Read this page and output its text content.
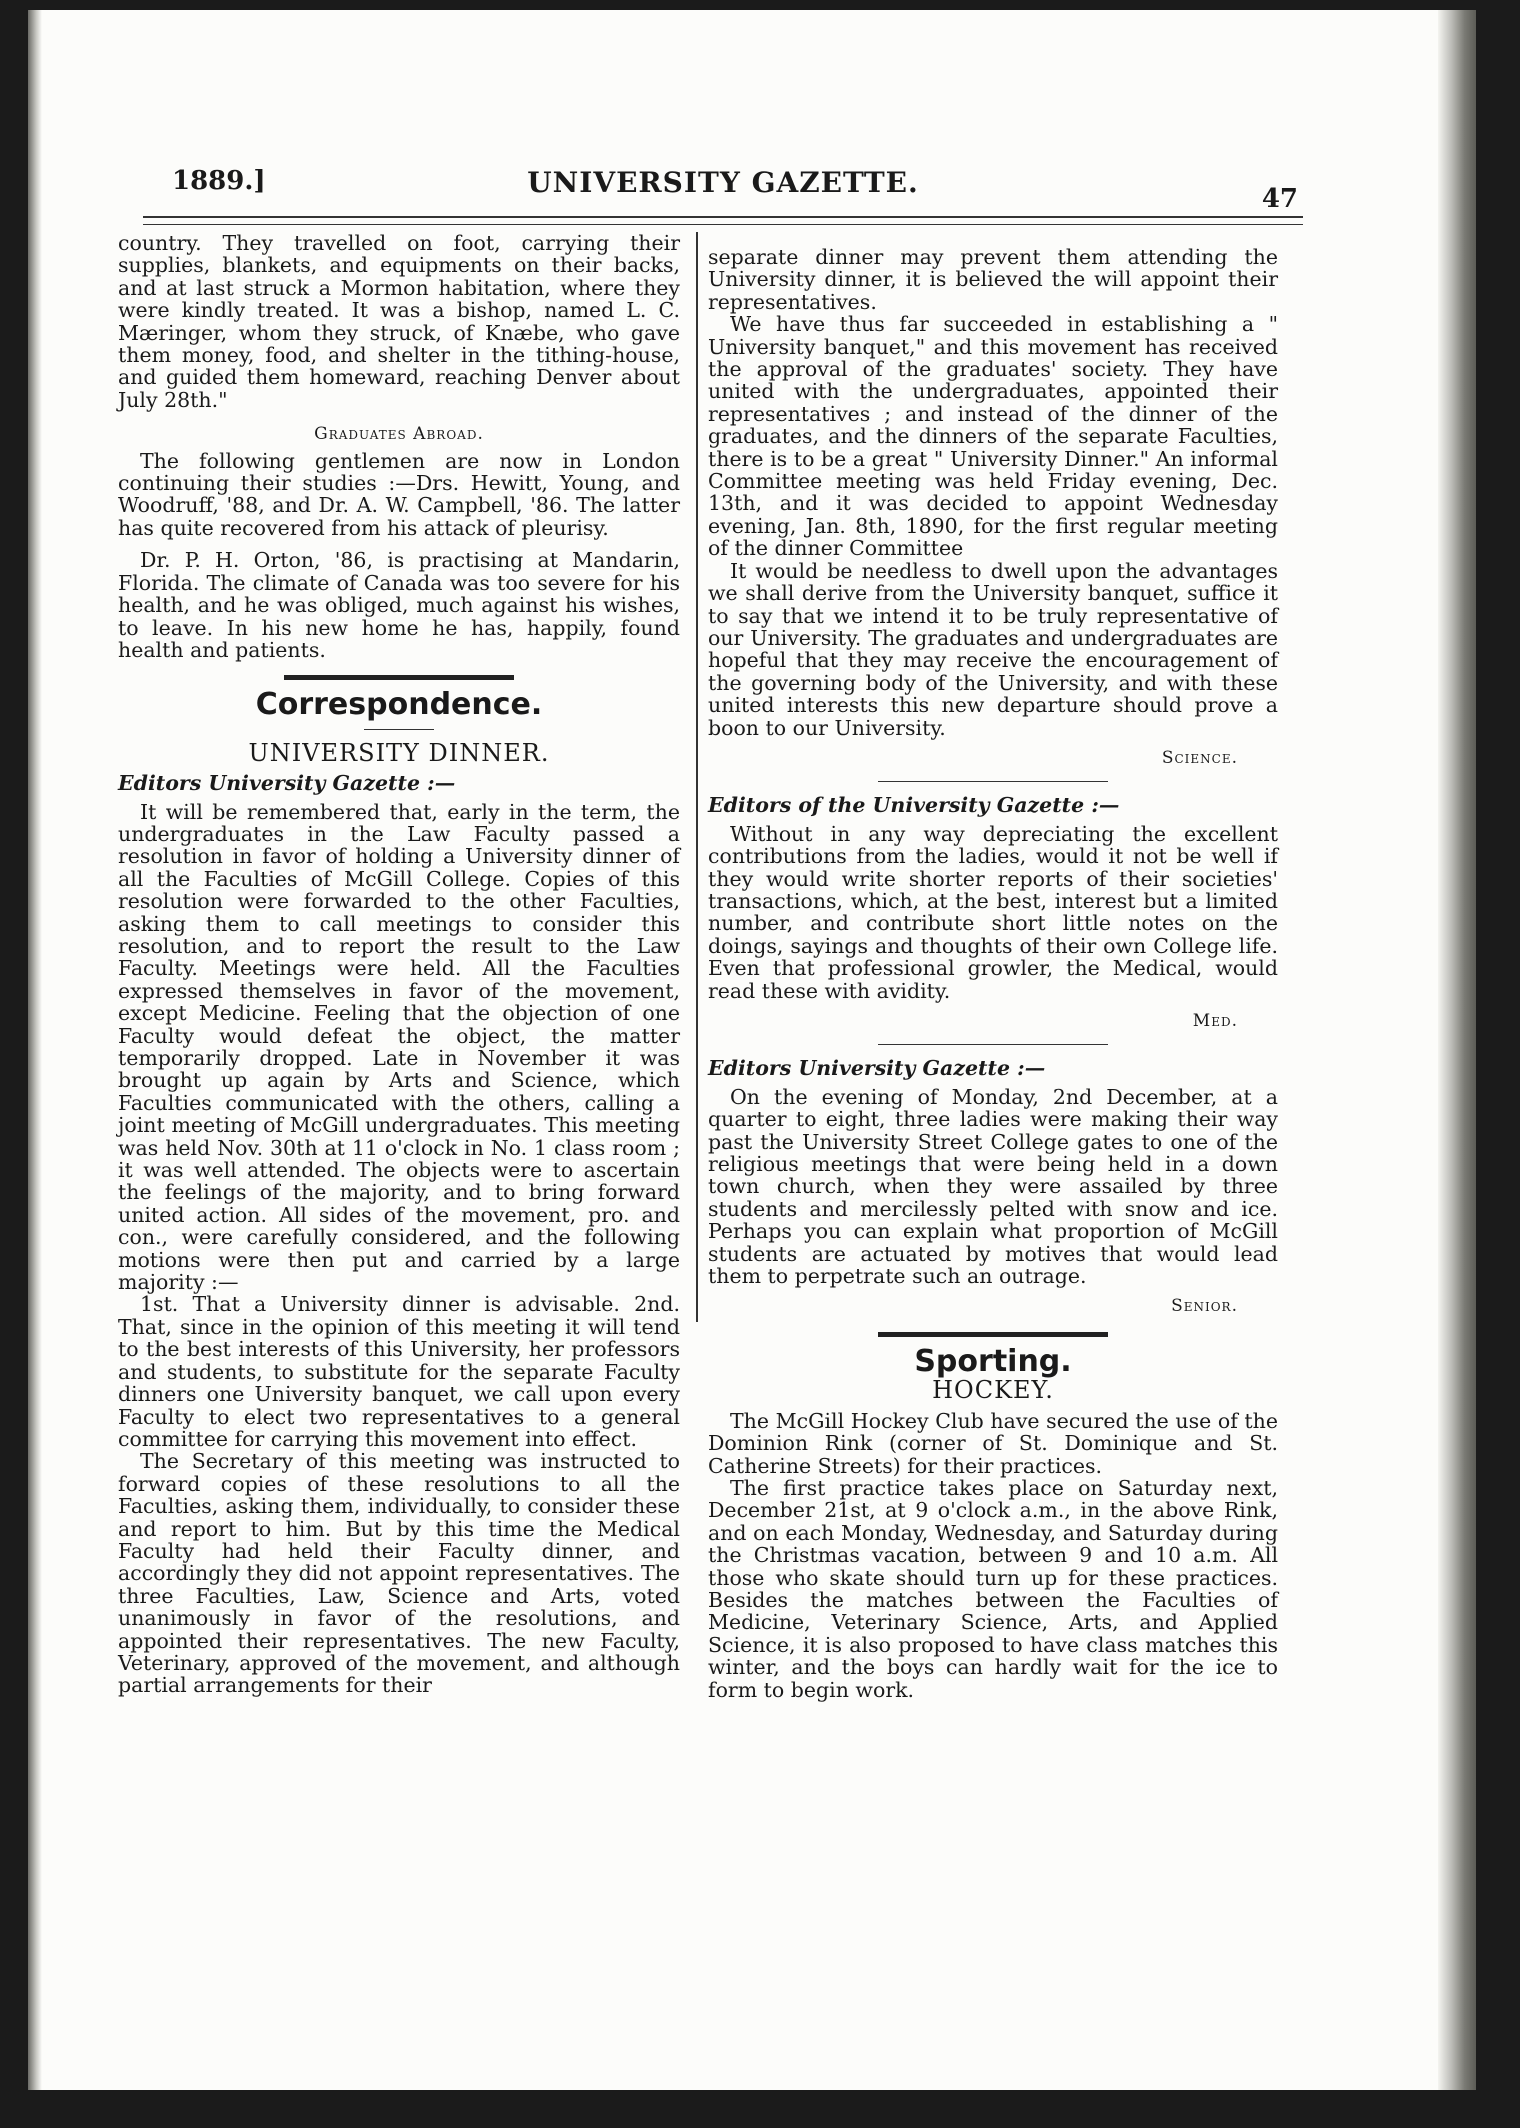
1889.]	UNIVERSITY GAZETTE.	47

country. They travelled on foot, carrying their supplies, blankets, and equipments on their backs, and at last struck a Mormon habitation, where they were kindly treated. It was a bishop, named L. C. Mæringer, whom they struck, of Knæbe, who gave them money, food, and shelter in the tithing-house, and guided them homeward, reaching Denver about July 28th."

Graduates Abroad.

The following gentlemen are now in London continuing their studies :—Drs. Hewitt, Young, and Woodruff, '88, and Dr. A. W. Campbell, '86. The latter has quite recovered from his attack of pleurisy.

Dr. P. H. Orton, '86, is practising at Mandarin, Florida. The climate of Canada was too severe for his health, and he was obliged, much against his wishes, to leave. In his new home he has, happily, found health and patients.

Correspondence.
UNIVERSITY DINNER.
Editors University Gazette :—

It will be remembered that, early in the term, the undergraduates in the Law Faculty passed a resolution in favor of holding a University dinner of all the Faculties of McGill College. Copies of this resolution were forwarded to the other Faculties, asking them to call meetings to consider this resolution, and to report the result to the Law Faculty. Meetings were held. All the Faculties expressed themselves in favor of the movement, except Medicine. Feeling that the objection of one Faculty would defeat the object, the matter temporarily dropped. Late in November it was brought up again by Arts and Science, which Faculties communicated with the others, calling a joint meeting of McGill undergraduates. This meeting was held Nov. 30th at 11 o'clock in No. 1 class room ; it was well attended. The objects were to ascertain the feelings of the majority, and to bring forward united action. All sides of the movement, pro. and con., were carefully considered, and the following motions were then put and carried by a large majority :—

1st. That a University dinner is advisable. 2nd. That, since in the opinion of this meeting it will tend to the best interests of this University, her professors and students, to substitute for the separate Faculty dinners one University banquet, we call upon every Faculty to elect two representatives to a general committee for carrying this movement into effect.

The Secretary of this meeting was instructed to forward copies of these resolutions to all the Faculties, asking them, individually, to consider these and report to him. But by this time the Medical Faculty had held their Faculty dinner, and accordingly they did not appoint representatives. The three Faculties, Law, Science and Arts, voted unanimously in favor of the resolutions, and appointed their representatives. The new Faculty, Veterinary, approved of the movement, and although partial arrangements for their

separate dinner may prevent them attending the University dinner, it is believed the will appoint their representatives.

We have thus far succeeded in establishing a " University banquet," and this movement has received the approval of the graduates' society. They have united with the undergraduates, appointed their representatives ; and instead of the dinner of the graduates, and the dinners of the separate Faculties, there is to be a great " University Dinner." An informal Committee meeting was held Friday evening, Dec. 13th, and it was decided to appoint Wednesday evening, Jan. 8th, 1890, for the first regular meeting of the dinner Committee

It would be needless to dwell upon the advantages we shall derive from the University banquet, suffice it to say that we intend it to be truly representative of our University. The graduates and undergraduates are hopeful that they may receive the encouragement of the governing body of the University, and with these united interests this new departure should prove a boon to our University.

Science.
Editors of the University Gazette :—

Without in any way depreciating the excellent contributions from the ladies, would it not be well if they would write shorter reports of their societies' transactions, which, at the best, interest but a limited number, and contribute short little notes on the doings, sayings and thoughts of their own College life. Even that professional growler, the Medical, would read these with avidity.

Med.
Editors University Gazette :—

On the evening of Monday, 2nd December, at a quarter to eight, three ladies were making their way past the University Street College gates to one of the religious meetings that were being held in a down town church, when they were assailed by three students and mercilessly pelted with snow and ice. Perhaps you can explain what proportion of McGill students are actuated by motives that would lead them to perpetrate such an outrage.

Senior.
Sporting.
HOCKEY.

The McGill Hockey Club have secured the use of the Dominion Rink (corner of St. Dominique and St. Catherine Streets) for their practices.

The first practice takes place on Saturday next, December 21st, at 9 o'clock a.m., in the above Rink, and on each Monday, Wednesday, and Saturday during the Christmas vacation, between 9 and 10 a.m. All those who skate should turn up for these practices. Besides the matches between the Faculties of Medicine, Veterinary Science, Arts, and Applied Science, it is also proposed to have class matches this winter, and the boys can hardly wait for the ice to form to begin work.
